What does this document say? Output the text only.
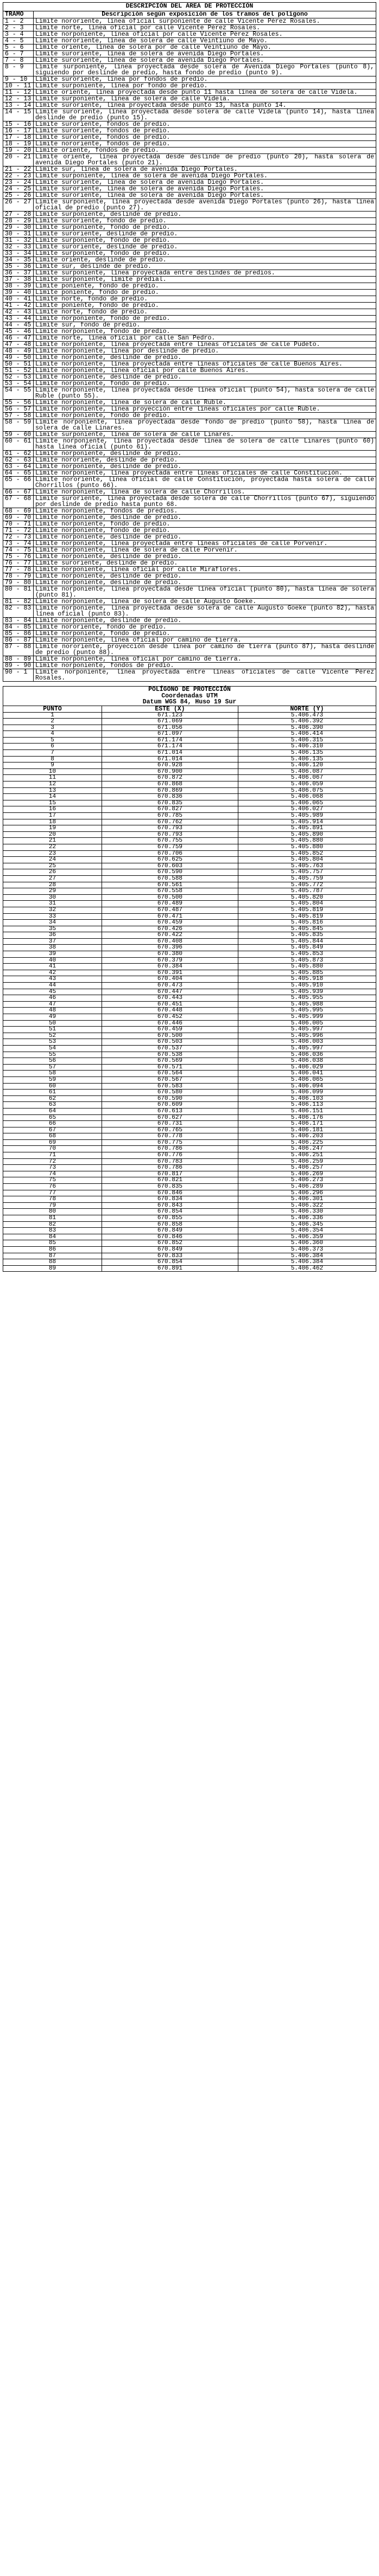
DESCRIPCIÓN DEL ÁREA DE PROTECCIÓN	
TRAMO	Descripción según exposición de los tramos del polígono
1 - 2	Límite nororiente, línea oficial surponiente de calle Vicente Pérez Rosales.
2 - 3	Límite norte, línea oficial por calle Vicente Pérez Rosales.
3 - 4	Límite norponiente, línea oficial por calle Vicente Pérez Rosales.
4 - 5	Límite nororiente, línea de solera de calle Veintiuno de Mayo.
5 - 6	Límite oriente, línea de solera por de calle Veintiuno de Mayo.
6 - 7	Límite suroriente, línea de solera de avenida Diego Portales.
7 - 8	Límite suroriente, línea de solera de avenida Diego Portales.
8 - 9	Límite surponiente, línea proyectada desde solera de Avenida Diego Portales (punto 8), siguiendo por deslinde de predio, hasta fondo de predio (punto 9).
9 - 10	Límite suroriente, línea por fondos de predio.
10 - 11	Límite surponiente, línea por fondo de predio.
11 - 12	Límite oriente, línea proyectada desde punto 11 hasta línea de solera de calle Videla.
12 - 13	Límite surponiente, línea de solera de calle Videla.
13 - 14	Límite suroriente, línea proyectada desde punto 13, hasta punto 14.
14 - 15	Límite suroriente, línea proyectada desde solera de calle Videla (punto 14), hasta línea deslinde de predio (punto 15).
15 - 16	Límite suroriente, fondos de predio.
16 - 17	Límite suroriente, fondos de predio.
17 - 18	Límite suroriente, fondos de predio.
18 - 19	Límite nororiente, fondos de predio.
19 - 20	Límite oriente, fondos de predio.
20 - 21	Límite oriente, línea proyectada desde deslinde de predio (punto 20), hasta solera de avenida Diego Portales (punto 21).
21 - 22	Límite sur, línea de solera de avenida Diego Portales.
22 - 23	Límite surponiente, línea de solera de avenida Diego Portales.
23 - 24	Límite suroriente, línea de solera de avenida Diego Portales.
24 - 25	Límite suroriente, línea de solera de avenida Diego Portales.
25 - 26	Límite suroriente, línea de solera de avenida Diego Portales.
26 - 27	Límite surponiente, línea proyectada desde avenida Diego Portales (punto 26), hasta línea oficial de predio (punto 27).
27 - 28	Límite surponiente, deslinde de predio.
28 - 29	Límite suroriente, fondo de predio.
29 - 30	Límite surponiente, fondo de predio.
30 - 31	Límite suroriente, deslinde de predio.
31 - 32	Límite surponiente, fondo de predio.
32 - 33	Límite suroriente, deslinde de predio.
33 - 34	Límite surponiente, fondo de predio.
34 - 35	Límite oriente, deslinde de predio.
35 - 36	Límite sur, deslinde de predio.
36 - 37	Límite surponiente, línea proyectada entre deslindes de predios.
37 - 38	Límite surponiente, límite predial.
38 - 39	Límite poniente, fondo de predio.
39 - 40	Límite poniente, fondo de predio.
40 - 41	Límite norte, fondo de predio.
41 - 42	Límite poniente, fondo de predio.
42 - 43	Límite norte, fondo de predio.
43 - 44	Límite norponiente, fondo de predio.
44 - 45	Límite sur, fondo de predio.
45 - 46	Límite norponiente, fondo de predio.
46 - 47	Límite norte, línea oficial por calle San Pedro.
47 - 48	Límite norponiente, línea proyectada entre líneas oficiales de calle Pudeto.
48 - 49	Límite norponiente, línea por deslinde de predio.
49 - 50	Límite norponiente, deslinde de predio.
50 - 51	Límite norponiente, línea proyectada entre líneas oficiales de calle Buenos Aires.
51 - 52	Límite norponiente, línea oficial por calle Buenos Aires.
52 - 53	Límite norponiente, deslinde de predio.
53 - 54	Límite norponiente, fondo de predio.
54 - 55	Límite norponiente, línea proyectada desde línea oficial (punto 54), hasta solera de calle Ruble (punto 55).
55 - 56	Límite norponiente, línea de solera de calle Ruble.
56 - 57	Límite norponiente, línea proyección entre líneas oficiales por calle Ruble.
57 - 58	Límite norponiente, fondo de predio.
58 - 59	Límite norponiente, línea proyectada desde fondo de predio (punto 58), hasta línea de solera de calle Linares.
59 - 60	Límite surponiente, línea de solera de calle Linares.
60 - 61	Límite norponiente, línea proyectada desde línea de solera de calle Linares (punto 60) hasta línea oficial (punto 61).
61 - 62	Límite norponiente, deslinde de predio.
62 - 63	Límite nororiente, deslinde de predio.
63 - 64	Límite norponiente, deslinde de predio.
64 - 65	Límite norponiente, línea proyectada entre líneas oficiales de calle Constitución.
65 - 66	Límite nororiente, línea oficial de calle Constitución, proyectada hasta solera de calle Chorrillos (punto 66).
66 - 67	Límite norponiente, línea de solera de calle Chorrillos.
67 - 68	Límite suroriente, línea proyectada desde solera de calle Chorrillos (punto 67), siguiendo por deslinde de predio hasta punto 68.
68 - 69	Límite norponiente, fondos de predios.
69 - 70	Límite norponiente, deslinde de predio.
70 - 71	Límite norponiente, fondo de predio.
71 - 72	Límite norponiente, fondo de predio.
72 - 73	Límite norponiente, deslinde de predio.
73 - 74	Límite norponiente, línea proyectada entre líneas oficiales de calle Porvenir.
74 - 75	Límite norponiente, línea de solera de calle Porvenir.
75 - 76	Límite norponiente, deslinde de predio.
76 - 77	Límite suroriente, deslinde de predio.
77 - 78	Límite norponiente, línea oficial por calle Miraflores.
78 - 79	Límite norponiente, deslinde de predio.
79 - 80	Límite norponiente, deslinde de predio.
80 - 81	Límite norponiente, línea proyectada desde línea oficial (punto 80), hasta línea de solera (punto 81).
81 - 82	Límite norponiente, línea de solera de calle Augusto Goeke.
82 - 83	Límite norponiente, línea proyectada desde solera de calle Augusto Goeke (punto 82), hasta línea oficial (punto 83).
83 - 84	Límite norponiente, deslinde de predio.
84 - 85	Límite nororiente, fondo de predio.
85 - 86	Límite norponiente, fondo de predio.
86 - 87	Límite norponiente, línea oficial por camino de tierra.
87 - 88	Límite nororiente, proyección desde línea por camino de tierra (punto 87), hasta deslinde de predio (punto 88).
88 - 89	Límite norponiente, línea oficial por camino de tierra.
89 - 90	Límite norponiente, fondos de predio.
90 - 1	Límite norponiente, línea proyectada entre líneas oficiales de calle Vicente Pérez Rosales.
POLÍGONO DE PROTECCIÓN
Coordenadas UTM
Datum WGS 84, Huso 19 Sur		

PUNTO	ESTE (X)	NORTE (Y)
1	671.123	5.406.473
2	671.069	5.406.392
3	671.056	5.406.390
4	671.097	5.406.414
5	671.174	5.406.315
6	671.174	5.406.310
7	671.014	5.406.135
8	671.014	5.406.135
9	670.928	5.406.120
10	670.900	5.406.087
11	670.872	5.406.067
12	670.868	5.406.059
13	670.869	5.406.075
14	670.836	5.406.068
15	670.835	5.406.065
16	670.827	5.406.027
17	670.785	5.405.989
18	670.762	5.405.914
19	670.793	5.405.891
20	670.793	5.405.890
21	670.755	5.405.880
22	670.759	5.405.880
23	670.706	5.405.852
24	670.625	5.405.804
25	670.603	5.405.763
26	670.590	5.405.757
27	670.588	5.405.759
28	670.561	5.405.772
29	670.558	5.405.787
30	670.500	5.405.820
31	670.489	5.405.804
32	670.487	5.405.819
33	670.471	5.405.819
34	670.459	5.405.816
35	670.426	5.405.845
36	670.422	5.405.835
37	670.408	5.405.844
38	670.396	5.405.849
39	670.380	5.405.853
40	670.379	5.405.873
41	670.384	5.405.880
42	670.391	5.405.885
43	670.404	5.405.918
44	670.473	5.405.910
45	670.447	5.405.939
46	670.443	5.405.955
47	670.451	5.405.988
48	670.448	5.405.995
49	670.452	5.405.999
50	670.446	5.406.005
51	670.459	5.405.997
52	670.500	5.405.996
53	670.503	5.406.003
54	670.537	5.405.997
55	670.538	5.406.036
56	670.569	5.406.038
57	670.571	5.406.029
58	670.564	5.406.041
59	670.567	5.406.065
60	670.583	5.406.094
61	670.580	5.406.099
62	670.590	5.406.103
63	670.609	5.406.113
64	670.613	5.406.151
65	670.627	5.406.176
66	670.731	5.406.171
67	670.765	5.406.181
68	670.778	5.406.203
69	670.775	5.406.225
70	670.786	5.406.247
71	670.776	5.406.251
72	670.783	5.406.259
73	670.786	5.406.257
74	670.817	5.406.269
75	670.821	5.406.273
76	670.835	5.406.289
77	670.846	5.406.296
78	670.834	5.406.301
79	670.843	5.406.322
80	670.854	5.406.330
81	670.855	5.406.336
82	670.858	5.406.345
83	670.849	5.406.354
84	670.846	5.406.359
85	670.852	5.406.360
86	670.849	5.406.373
87	670.833	5.406.384
88	670.854	5.406.384
89	670.891	5.406.462
